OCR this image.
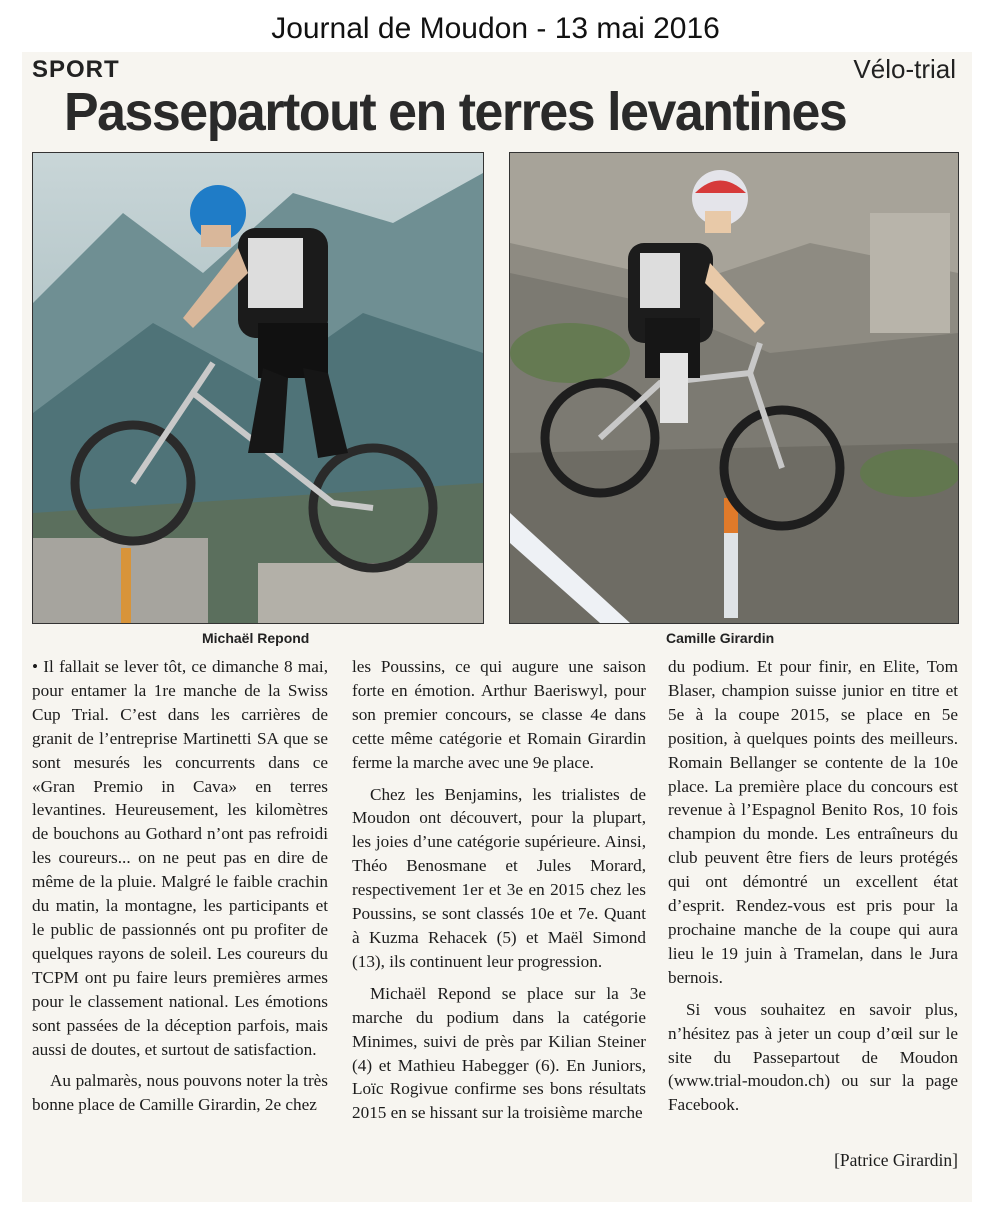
Journal de Moudon - 13 mai 2016
SPORT	Vélo-trial
Passepartout en terres levantines
Michaël Repond	Camille Girardin

• Il fallait se lever tôt, ce dimanche 8 mai, pour entamer la 1re manche de la Swiss Cup Trial. C’est dans les carrières de granit de l’entreprise Martinetti SA que se sont mesurés les concurrents dans ce «Gran Premio in Cava» en terres levantines. Heureusement, les kilomètres de bouchons au Gothard n’ont pas refroidi les coureurs... on ne peut pas en dire de même de la pluie. Malgré le faible crachin du matin, la montagne, les participants et le public de passionnés ont pu profiter de quelques rayons de soleil. Les coureurs du TCPM ont pu faire leurs premières armes pour le classement national. Les émotions sont passées de la déception parfois, mais aussi de doutes, et surtout de satisfaction.

Au palmarès, nous pouvons noter la très bonne place de Camille Girardin, 2e chez

les Poussins, ce qui augure une saison forte en émotion. Arthur Baeriswyl, pour son premier concours, se classe 4e dans cette même catégorie et Romain Girardin ferme la marche avec une 9e place.

Chez les Benjamins, les trialistes de Moudon ont découvert, pour la plupart, les joies d’une catégorie supérieure. Ainsi, Théo Benosmane et Jules Morard, respectivement 1er et 3e en 2015 chez les Poussins, se sont classés 10e et 7e. Quant à Kuzma Rehacek (5) et Maël Simond (13), ils continuent leur progression.

Michaël Repond se place sur la 3e marche du podium dans la catégorie Minimes, suivi de près par Kilian Steiner (4) et Mathieu Habegger (6). En Juniors, Loïc Rogivue confirme ses bons résultats 2015 en se hissant sur la troisième marche

du podium. Et pour finir, en Elite, Tom Blaser, champion suisse junior en titre et 5e à la coupe 2015, se place en 5e position, à quelques points des meilleurs. Romain Bellanger se contente de la 10e place. La première place du concours est revenue à l’Espagnol Benito Ros, 10 fois champion du monde. Les entraîneurs du club peuvent être fiers de leurs protégés qui ont démontré un excellent état d’esprit. Rendez-vous est pris pour la prochaine manche de la coupe qui aura lieu le 19 juin à Tramelan, dans le Jura bernois.

Si vous souhaitez en savoir plus, n’hésitez pas à jeter un coup d’œil sur le site du Passepartout de Moudon (www.trial-moudon.ch) ou sur la page Facebook.

[Patrice Girardin]
